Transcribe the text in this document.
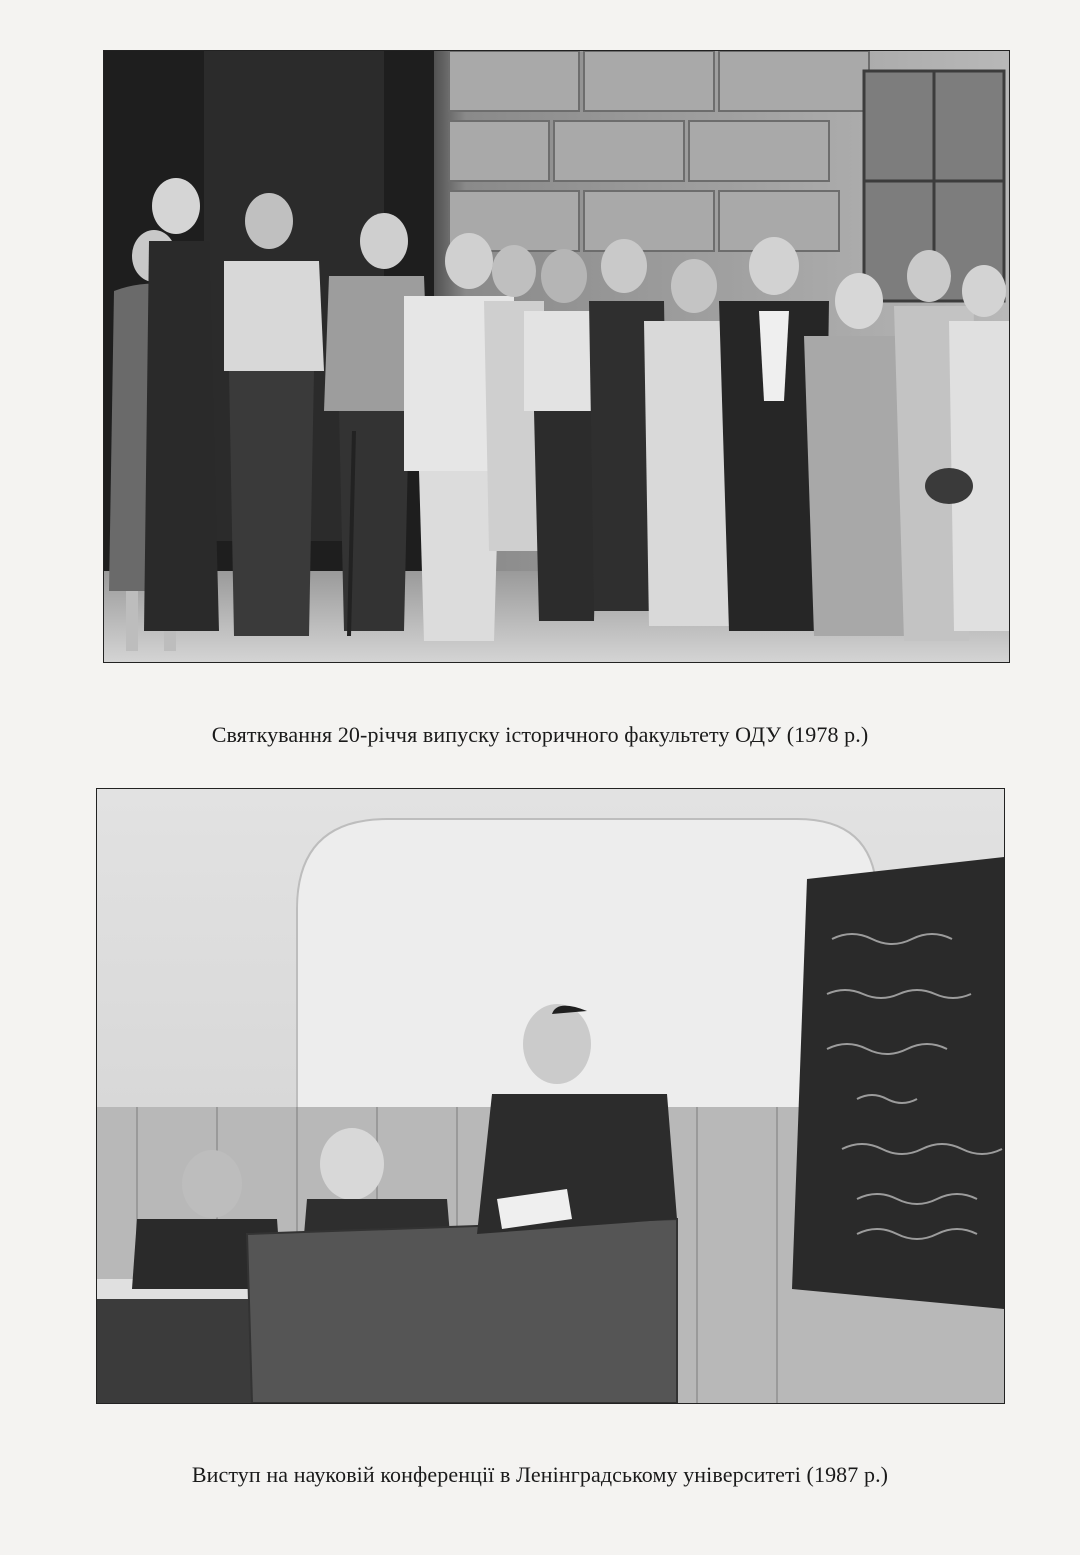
Святкування 20-річчя випуску історичного факультету ОДУ (1978 р.)

Виступ на науковій конференції в Ленінградському університеті (1987 р.)
